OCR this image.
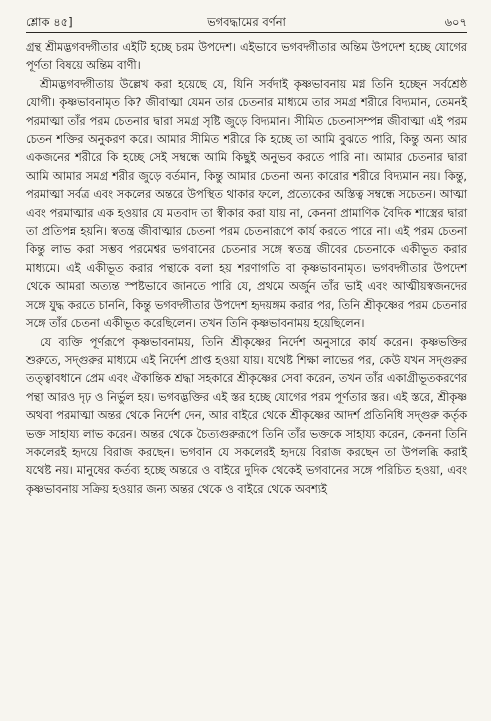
শ্লোক ৪৫]	ভগবদ্ধামের বর্ণনা	৬০৭

গ্রন্থ শ্রীমদ্ভগবদ্গীতার এইটি হচ্ছে চরম উপদেশ। এইভাবে ভগবদ্গীতার অন্তিম উপদেশ হচ্ছে যোগের পূর্ণতা বিষয়ে অন্তিম বাণী।

শ্রীমদ্ভগবদ্গীতায় উল্লেখ করা হয়েছে যে, যিনি সর্বদাই কৃষ্ণভাবনায় মগ্ন তিনি হচ্ছেন সর্বশ্রেষ্ঠ যোগী। কৃষ্ণভাবনামৃত কি? জীবাত্মা যেমন তার চেতনার মাধ্যমে তার সমগ্র শরীরে বিদ্যমান, তেমনই পরমাত্মা তাঁর পরম চেতনার দ্বারা সমগ্র সৃষ্টি জুড়ে বিদ্যমান। সীমিত চেতনাসম্পন্ন জীবাত্মা এই পরম চেতন শক্তির অনুকরণ করে। আমার সীমিত শরীরে কি হচ্ছে তা আমি বুঝতে পারি, কিন্তু অন্য আর একজনের শরীরে কি হচ্ছে সেই সম্বন্ধে আমি কিছুই অনুভব করতে পারি না। আমার চেতনার দ্বারা আমি আমার সমগ্র শরীর জুড়ে বর্তমান, কিন্তু আমার চেতনা অন্য কারোর শরীরে বিদ্যমান নয়। কিন্তু, পরমাত্মা সর্বত্র এবং সকলের অন্তরে উপস্থিত থাকার ফলে, প্রত্যেকের অস্তিত্ব সম্বন্ধে সচেতন। আত্মা এবং পরমাত্মার এক হওয়ার যে মতবাদ তা স্বীকার করা যায় না, কেননা প্রামাণিক বৈদিক শাস্ত্রের দ্বারা তা প্রতিপন্ন হয়নি। স্বতন্ত্র জীবাত্মার চেতনা পরম চেতনারূপে কার্য করতে পারে না। এই পরম চেতনা কিন্তু লাভ করা সম্ভব পরমেশ্বর ভগবানের চেতনার সঙ্গে স্বতন্ত্র জীবের চেতনাকে একীভূত করার মাধ্যমে। এই একীভূত করার পন্থাকে বলা হয় শরণাগতি বা কৃষ্ণভাবনামৃত। ভগবদ্গীতার উপদেশ থেকে আমরা অত্যন্ত স্পষ্টভাবে জানতে পারি যে, প্রথমে অর্জুন তাঁর ভাই এবং আত্মীয়স্বজনদের সঙ্গে যুদ্ধ করতে চাননি, কিন্তু ভগবদ্গীতার উপদেশ হৃদয়ঙ্গম করার পর, তিনি শ্রীকৃষ্ণের পরম চেতনার সঙ্গে তাঁর চেতনা একীভূত করেছিলেন। তখন তিনি কৃষ্ণভাবনাময় হয়েছিলেন।

যে ব্যক্তি পূর্ণরূপে কৃষ্ণভাবনাময়, তিনি শ্রীকৃষ্ণের নির্দেশ অনুসারে কার্য করেন। কৃষ্ণভক্তির শুরুতে, সদ্গুরুর মাধ্যমে এই নির্দেশ প্রাপ্ত হওয়া যায়। যথেষ্ট শিক্ষা লাভের পর, কেউ যখন সদ্গুরুর তত্ত্বাবধানে প্রেম এবং ঐকান্তিক শ্রদ্ধা সহকারে শ্রীকৃষ্ণের সেবা করেন, তখন তাঁর একাগ্রীভূতকরণের পন্থা আরও দৃঢ় ও নির্ভুল হয়। ভগবদ্ভক্তির এই স্তর হচ্ছে যোগের পরম পূর্ণতার স্তর। এই স্তরে, শ্রীকৃষ্ণ অথবা পরমাত্মা অন্তর থেকে নির্দেশ দেন, আর বাইরে থেকে শ্রীকৃষ্ণের আদর্শ প্রতিনিধি সদ্গুরু কর্তৃক ভক্ত সাহায্য লাভ করেন। অন্তর থেকে চৈত্যগুরুরূপে তিনি তাঁর ভক্তকে সাহায্য করেন, কেননা তিনি সকলেরই হৃদয়ে বিরাজ করছেন। ভগবান যে সকলেরই হৃদয়ে বিরাজ করছেন তা উপলব্ধি করাই যথেষ্ট নয়। মানুষের কর্তব্য হচ্ছে অন্তরে ও বাইরে দুদিক থেকেই ভগবানের সঙ্গে পরিচিত হওয়া, এবং কৃষ্ণভাবনায় সক্রিয় হওয়ার জন্য অন্তর থেকে ও বাইরে থেকে অবশ্যই
